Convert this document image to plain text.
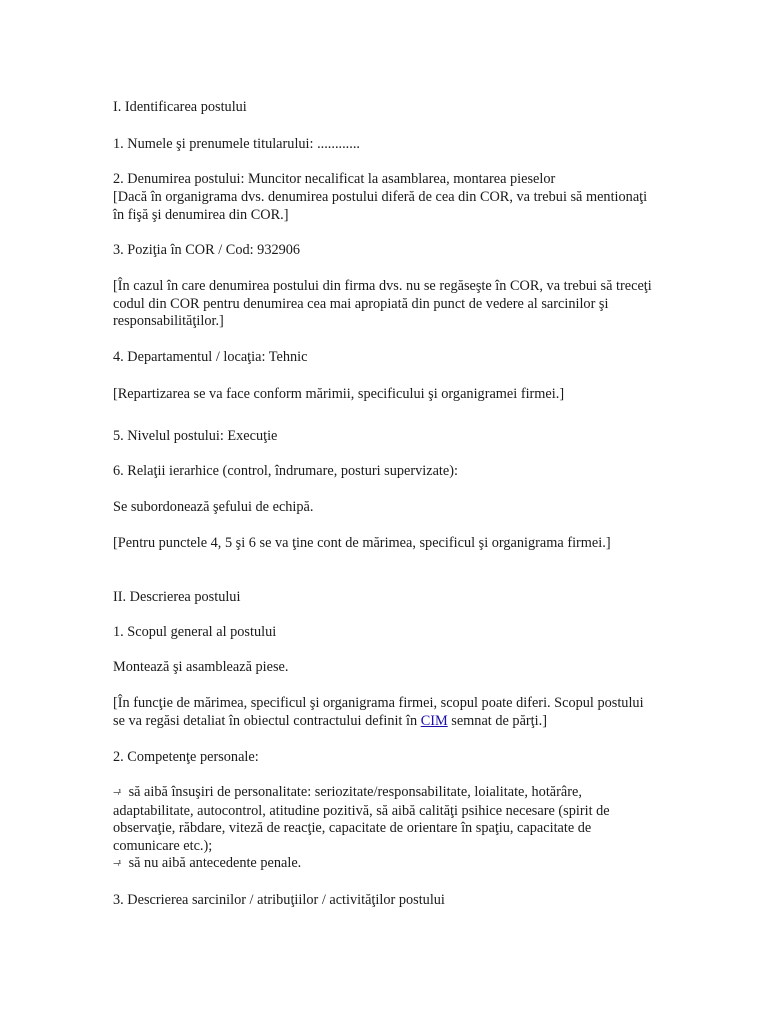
I. Identificarea postului

1. Numele şi prenumele titularului: ............

2. Denumirea postului: Muncitor necalificat la asamblarea, montarea pieselor

[Dacă în organigrama dvs. denumirea postului diferă de cea din COR, va trebui să mentionaţi în fişă şi denumirea din COR.]

3. Poziţia în COR / Cod: 932906

[În cazul în care denumirea postului din firma dvs. nu se regăseşte în COR, va trebui să treceţi codul din COR pentru denumirea cea mai apropiată din punct de vedere al sarcinilor şi responsabilităţilor.]

4. Departamentul / locaţia: Tehnic

[Repartizarea se va face conform mărimii, specificului şi organigramei firmei.]

5. Nivelul postului: Execuţie

6. Relaţii ierarhice (control, îndrumare, posturi supervizate):

Se subordonează şefului de echipă.

[Pentru punctele 4, 5 şi 6 se va ţine cont de mărimea, specificul şi organigrama firmei.]

II. Descrierea postului

1. Scopul general al postului

Montează şi asamblează piese.

[În funcţie de mărimea, specificul şi organigrama firmei, scopul poate diferi. Scopul postului se va regăsi detaliat în obiectul contractului definit în CIM semnat de părţi.]

2. Competenţe personale:

¬¹ să aibă însuşiri de personalitate: seriozitate/responsabilitate, loialitate, hotărâre, adaptabilitate, autocontrol, atitudine pozitivă, să aibă calităţi psihice necesare (spirit de observaţie, răbdare, viteză de reacţie, capacitate de orientare în spaţiu, capacitate de comunicare etc.);
¬¹ să nu aibă antecedente penale.

3. Descrierea sarcinilor / atribuţiilor / activităţilor postului
